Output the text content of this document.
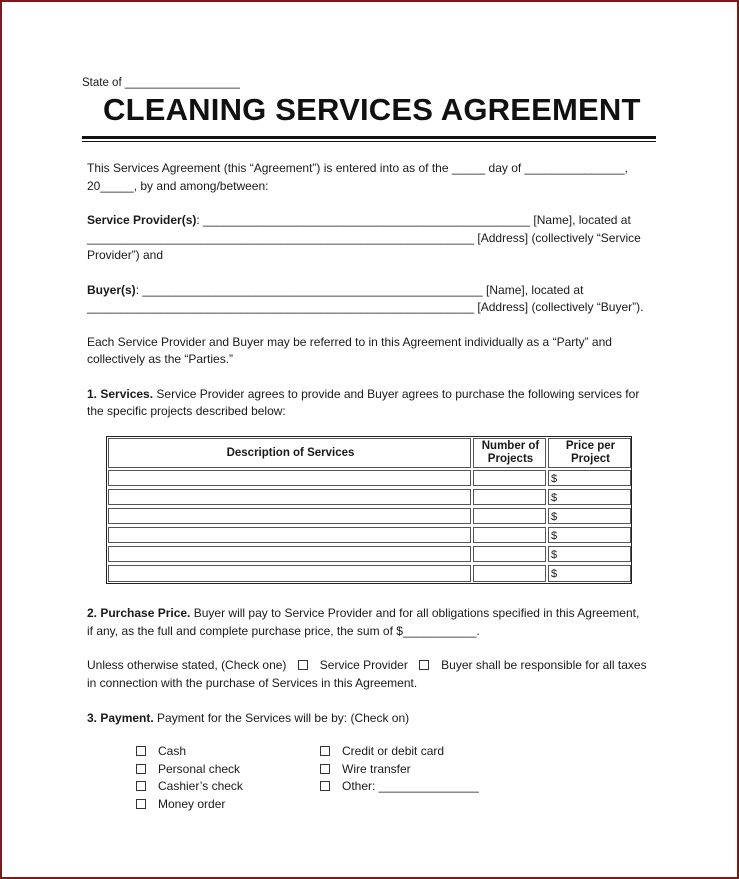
State of __________________
CLEANING SERVICES AGREEMENT
This Services Agreement (this “Agreement”) is entered into as of the _____ day of _______________,
20_____, by and among/between:
Service Provider(s): _________________________________________________ [Name], located at
__________________________________________________________ [Address] (collectively “Service
Provider”) and
Buyer(s): ___________________________________________________ [Name], located at
__________________________________________________________ [Address] (collectively “Buyer”).
Each Service Provider and Buyer may be referred to in this Agreement individually as a “Party” and
collectively as the “Parties.”
1. Services. Service Provider agrees to provide and Buyer agrees to purchase the following services for
the specific projects described below:
Description of Services
Number of
Projects
Price per
Project
$
$
$
$
$
$
2. Purchase Price. Buyer will pay to Service Provider and for all obligations specified in this Agreement,
if any, as the full and complete purchase price, the sum of $___________.
Unless otherwise stated, (Check one)	Service Provider	Buyer shall be responsible for all taxes
in connection with the purchase of Services in this Agreement.
3. Payment. Payment for the Services will be by: (Check on)
Cash
Personal check
Cashier’s check
Money order
Credit or debit card
Wire transfer
Other: _______________
